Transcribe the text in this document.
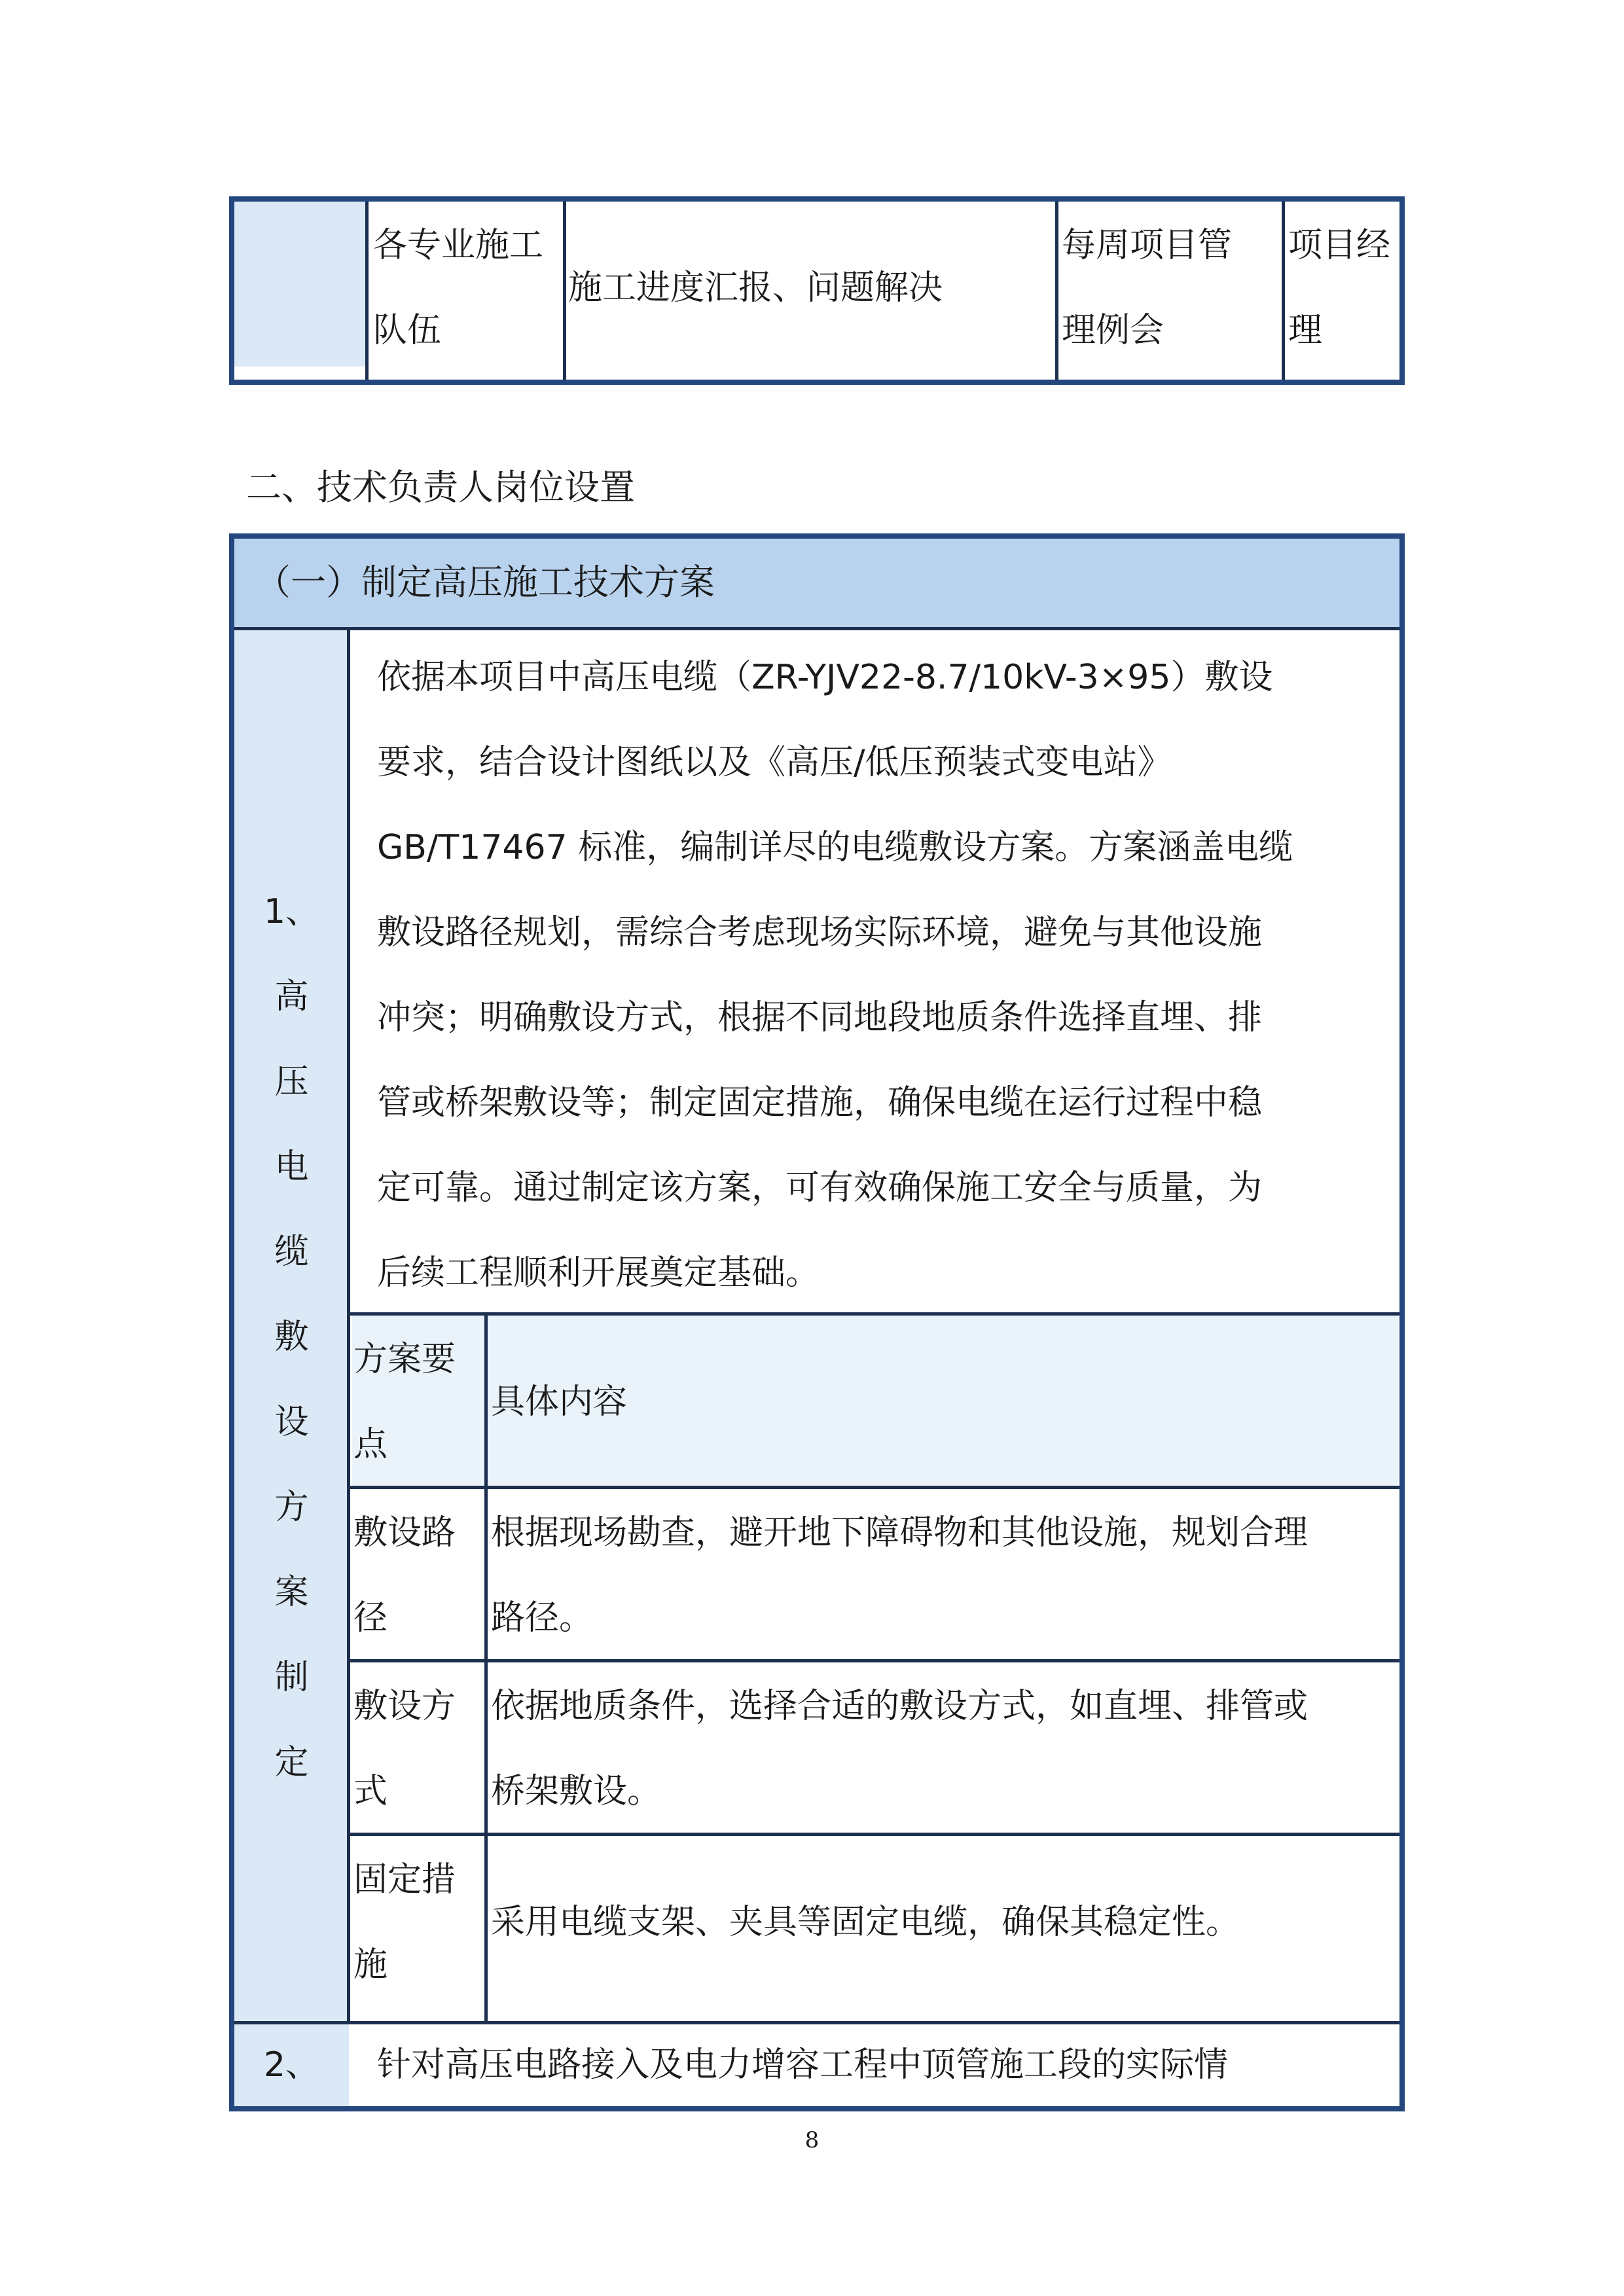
各专业施工
队伍
施工进度汇报、问题解决
每周项目管
理例会
项目经
理
二、技术负责人岗位设置
（一）制定高压施工技术方案
1、
高
压
电
缆
敷
设
方
案
制
定
依据本项目中高压电缆（ZR-YJV22-8.7/10kV-3×95）敷设
要求，结合设计图纸以及《高压/低压预装式变电站》
GB/T17467 标准，编制详尽的电缆敷设方案。方案涵盖电缆
敷设路径规划，需综合考虑现场实际环境，避免与其他设施
冲突；明确敷设方式，根据不同地段地质条件选择直埋、排
管或桥架敷设等；制定固定措施，确保电缆在运行过程中稳
定可靠。通过制定该方案，可有效确保施工安全与质量，为
后续工程顺利开展奠定基础。
方案要
点
具体内容
敷设路
径
根据现场勘查，避开地下障碍物和其他设施，规划合理
路径。
敷设方
式
依据地质条件，选择合适的敷设方式，如直埋、排管或
桥架敷设。
固定措
施
采用电缆支架、夹具等固定电缆，确保其稳定性。
2、	针对高压电路接入及电力增容工程中顶管施工段的实际情
8
